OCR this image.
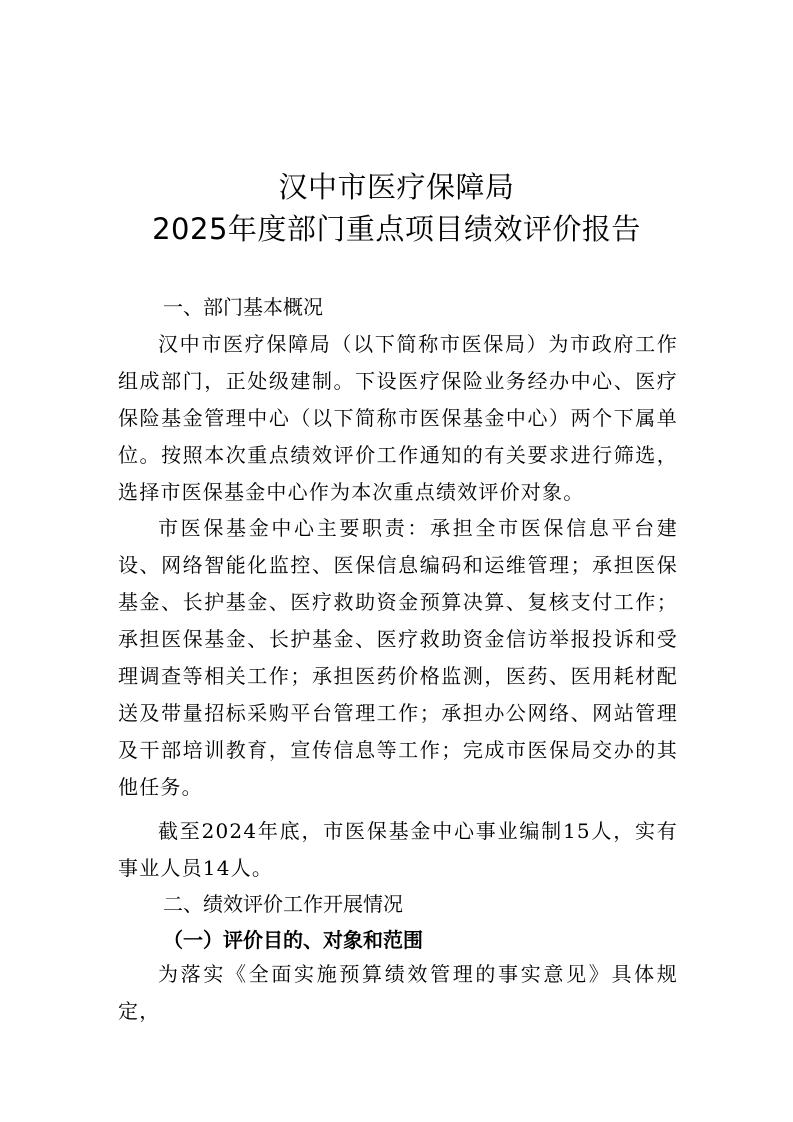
汉中市医疗保障局
2025年度部门重点项目绩效评价报告
一、部门基本概况
汉中市医疗保障局（以下简称市医保局）为市政府工作组成部门，正处级建制。下设医疗保险业务经办中心、医疗保险基金管理中心（以下简称市医保基金中心）两个下属单位。按照本次重点绩效评价工作通知的有关要求进行筛选，选择市医保基金中心作为本次重点绩效评价对象。
市医保基金中心主要职责：承担全市医保信息平台建设、网络智能化监控、医保信息编码和运维管理；承担医保基金、长护基金、医疗救助资金预算决算、复核支付工作；承担医保基金、长护基金、医疗救助资金信访举报投诉和受理调查等相关工作；承担医药价格监测，医药、医用耗材配送及带量招标采购平台管理工作；承担办公网络、网站管理及干部培训教育，宣传信息等工作；完成市医保局交办的其他任务。
截至2024年底，市医保基金中心事业编制15人，实有事业人员14人。
二、绩效评价工作开展情况
（一）评价目的、对象和范围
为落实《全面实施预算绩效管理的事实意见》具体规定，
